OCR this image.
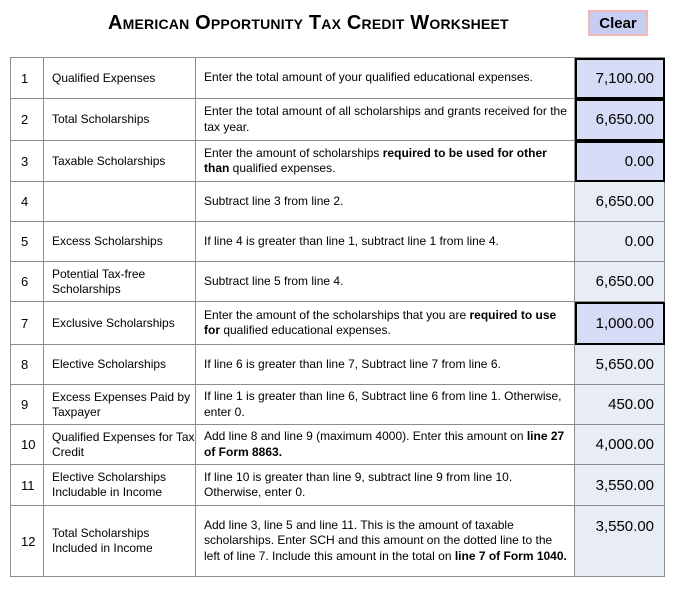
American Opportunity Tax Credit Worksheet	Clear
1	Qualified Expenses	Enter the total amount of your qualified educational expenses.	7,100.00

2	Total Scholarships	Enter the total amount of all scholarships and grants received for the tax year.	6,650.00

3	Taxable Scholarships	Enter the amount of scholarships required to be used for other than qualified expenses.	0.00

4		Subtract line 3 from line 2.	6,650.00

5	Excess Scholarships	If line 4 is greater than line 1, subtract line 1 from line 4.	0.00

6	Potential Tax-free Scholarships	Subtract line 5 from line 4.	6,650.00

7	Exclusive Scholarships	Enter the amount of the scholarships that you are required to use for qualified educational expenses.	1,000.00

8	Elective Scholarships	If line 6 is greater than line 7, Subtract line 7 from line 6.	5,650.00

9	Excess Expenses Paid by Taxpayer	If line 1 is greater than line 6, Subtract line 6 from line 1. Otherwise, enter 0.	450.00

10	Qualified Expenses for Tax Credit	Add line 8 and line 9 (maximum 4000). Enter this amount on line 27 of Form 8863.	4,000.00

11	Elective Scholarships Includable in Income	If line 10 is greater than line 9, subtract line 9 from line 10. Otherwise, enter 0.	3,550.00

12	Total Scholarships Included in Income	Add line 3, line 5 and line 11. This is the amount of taxable scholarships. Enter SCH and this amount on the dotted line to the left of line 7. Include this amount in the total on line 7 of Form 1040.	3,550.00
